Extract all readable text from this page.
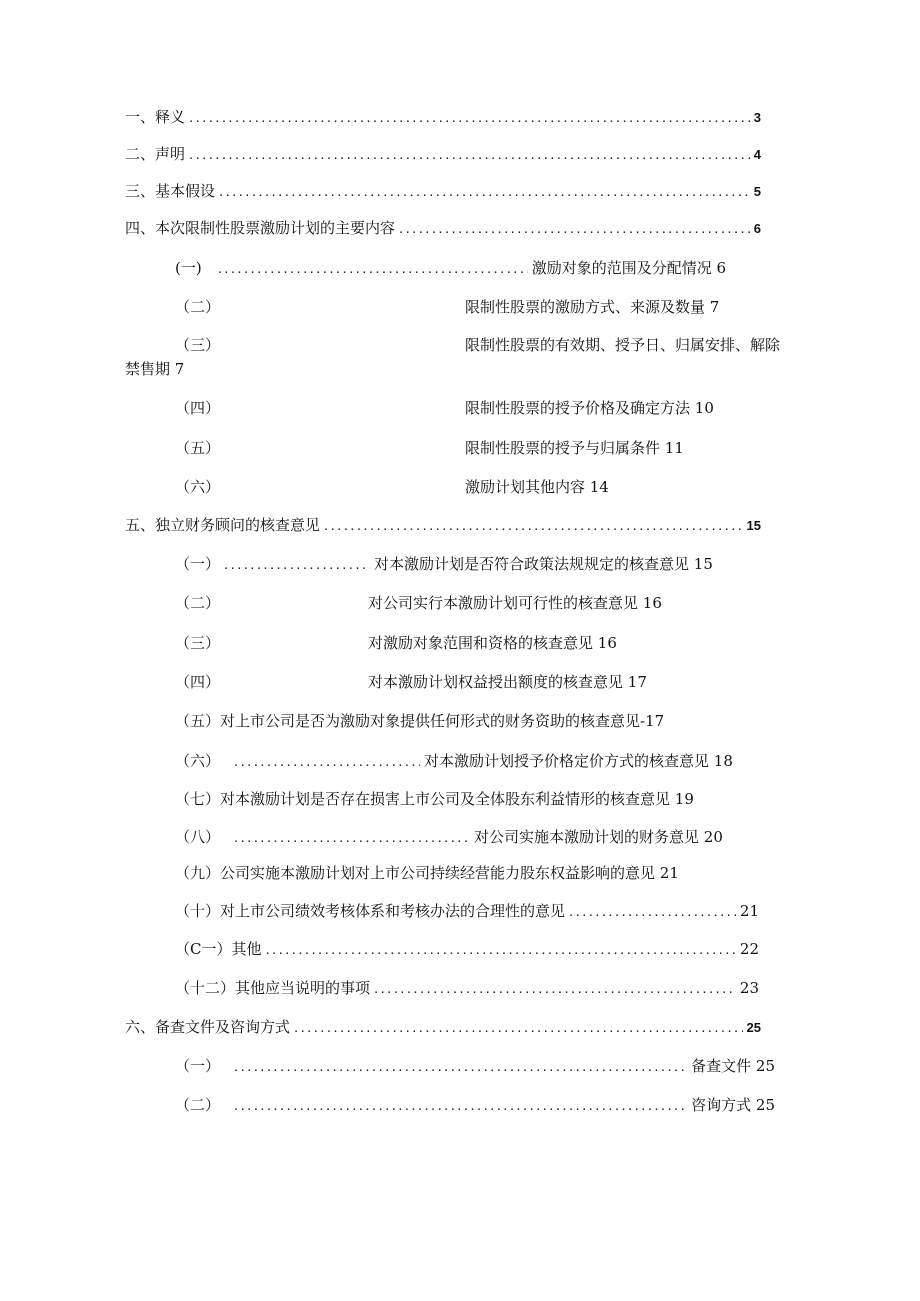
一、释义 .....	3
二、声明 .....	4
三、基本假设 .....	5
四、本次限制性股票激励计划的主要内容 .....	6
(一) .....	激励对象的范围及分配情况 6
（二）	限制性股票的激励方式、来源及数量 7
（三）	限制性股票的有效期、授予日、归属安排、解除
禁售期 7
（四）	限制性股票的授予价格及确定方法 10
（五）	限制性股票的授予与归属条件 11
（六）	激励计划其他内容 14
五、独立财务顾问的核查意见 .....	15
（一） .....	对本激励计划是否符合政策法规规定的核查意见 15
（二）	对公司实行本激励计划可行性的核查意见 16
（三）	对激励对象范围和资格的核查意见 16
（四）	对本激励计划权益授出额度的核查意见 17
（五）对上市公司是否为激励对象提供任何形式的财务资助的核查意见-17
（六） .....	对本激励计划授予价格定价方式的核查意见 18
（七）对本激励计划是否存在损害上市公司及全体股东利益情形的核查意见 19
（八） .....	对公司实施本激励计划的财务意见 20
（九）公司实施本激励计划对上市公司持续经营能力股东权益影响的意见 21
（十）对上市公司绩效考核体系和考核办法的合理性的意见 .....	21
（C一）其他 .....	22
（十二）其他应当说明的事项 .....	23
六、备查文件及咨询方式 .....	25
（一） .....	备查文件 25
（二） .....	咨询方式 25
